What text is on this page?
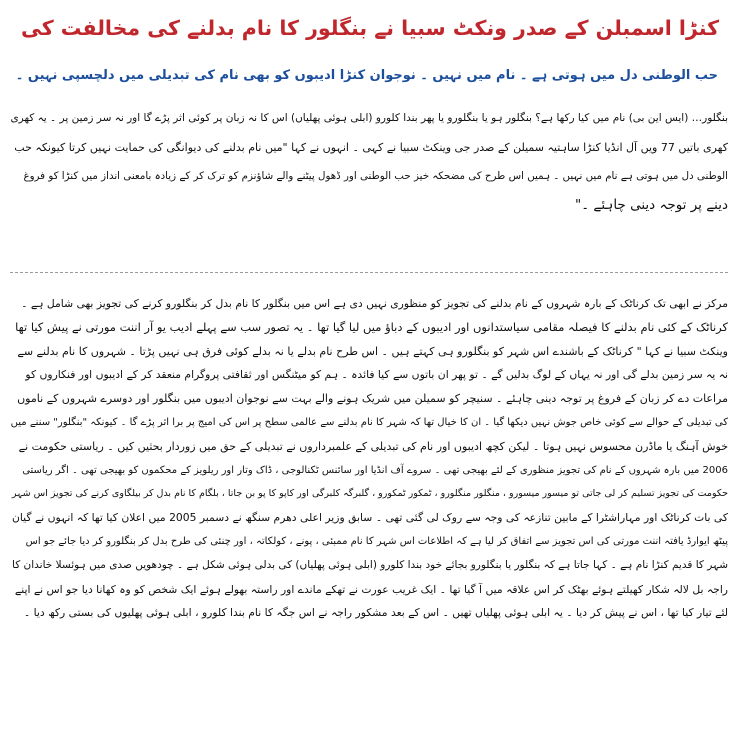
کنڑا اسمبلن کے صدر ونکٹ سبیا نے بنگلور کا نام بدلنے کی مخالفت کی
حب الوطنی دل میں ہوتی ہے ۔ نام میں نہیں ۔ نوجوان کنڑا ادیبوں کو بھی نام کی تبدیلی میں دلچسپی نہیں ۔
بنگلور… (ایس این بی) نام میں کیا رکھا ہے؟ بنگلور ہو یا بنگلورو یا پھر بندا کلورو (ابلی ہوئی پھلیاں) اس کا نہ زبان پر کوئی اثر پڑے گا اور نہ سر زمین پر ۔ یہ کھری
کھری باتیں 77 ویں آل انڈیا کنڑا ساہتیہ سمیلن کے صدر جی وینکٹ سبیا نے کہی ۔ انہوں نے کہا "میں نام بدلنے کی دیوانگی کی حمایت نہیں کرتا کیونکہ حب
الوطنی دل میں ہوتی ہے نام میں نہیں ۔ ہمیں اس طرح کی مضحکہ خیز حب الوطنی اور ڈھول پیٹنے والے شاؤنزم کو ترک کر کے زیادہ بامعنی انداز میں کنڑا کو فروغ
دینے پر توجہ دینی چاہئے ۔"
مرکز نے ابھی تک کرناٹک کے بارہ شہروں کے نام بدلنے کی تجویز کو منظوری نہیں دی ہے اس میں بنگلور کا نام بدل کر بنگلورو کرنے کی تجویز بھی شامل ہے ۔
کرناٹک کے کئی نام بدلنے کا فیصلہ مقامی سیاستدانوں اور ادیبوں کے دباؤ میں لیا گیا تھا ۔ یہ تصور سب سے پہلے ادیب یو آر اننت مورتی نے پیش کیا تھا
وینکٹ سبیا نے کہا " کرناٹک کے باشندے اس شہر کو بنگلورو ہی کہتے ہیں ۔ اس طرح نام بدلے یا نہ بدلے کوئی فرق ہی نہیں پڑتا ۔ شہروں کا نام بدلنے سے
نہ یہ سر زمین بدلے گی اور نہ یہاں کے لوگ بدلیں گے ۔ تو پھر ان باتوں سے کیا فائدہ ۔ ہم کو میٹنگس اور ثقافتی پروگرام منعقد کر کے ادیبوں اور فنکاروں کو
مراعات دے کر زبان کے فروغ پر توجہ دینی چاہئے ۔ سنیچر کو سمیلن میں شریک ہونے والے بہت سے نوجوان ادیبوں میں بنگلور اور دوسرے شہروں کے ناموں
کی تبدیلی کے حوالے سے کوئی خاص جوش نہیں دیکھا گیا ۔ ان کا خیال تھا کہ شہر کا نام بدلنے سے عالمی سطح پر اس کی امیج پر برا اثر پڑے گا ۔ کیونکہ "بنگلور" سننے میں
خوش آہنگ یا ماڈرن محسوس نہیں ہوتا ۔ لیکن کچھ ادیبوں اور نام کی تبدیلی کے علمبرداروں نے تبدیلی کے حق میں زوردار بحثیں کیں ۔ ریاستی حکومت نے
2006 میں بارہ شہروں کے نام کی تجویز منظوری کے لئے بھیجی تھی ۔ سروے آف انڈیا اور سائنس ٹکنالوجی ، ڈاک وتار اور ریلویز کے محکموں کو بھیجی تھی ۔ اگر ریاستی
حکومت کی تجویز تسلیم کر لی جاتی تو میسور میسورو ، منگلور منگلورو ، ٹمکور ٹمکورو ، گلبرگہ کلبرگی اور کاپو کا پو بن جاتا ، بلگام کا نام بدل کر بیلگاوی کرنے کی تجویز اس شہر
کی بات کرناٹک اور مہاراشٹرا کے مابین تنازعہ کی وجہ سے روک لی گئی تھی ۔ سابق وزیر اعلی دھرم سنگھ نے دسمبر 2005 میں اعلان کیا تھا کہ انہوں نے گیان
پیٹھ ایوارڈ یافتہ اننت مورتی کی اس تجویز سے اتفاق کر لیا ہے کہ اطلاعات اس شہر کا نام ممبئی ، پونے ، کولکاتہ ، اور چنئی کی طرح بدل کر بنگلورو کر دیا جائے جو اس
شہر کا قدیم کنڑا نام ہے ۔ کہا جاتا ہے کہ بنگلور یا بنگلورو بجائے خود بندا کلورو (ابلی ہوئی پھلیاں) کی بدلی ہوئی شکل ہے ۔ چودھویں صدی میں ہوئسلا خاندان کا
راجہ بل لالہ شکار کھیلتے ہوئے بھٹک کر اس علاقہ میں آ گیا تھا ۔ ایک غریب عورت نے تھکے ماندے اور راستہ بھولے ہوئے ایک شخص کو وہ کھانا دیا جو اس نے اپنے
لئے تیار کیا تھا ، اس نے پیش کر دیا ۔ یہ ابلی ہوئی پھلیاں تھیں ۔ اس کے بعد مشکور راجہ نے اس جگہ کا نام بندا کلورو ، ابلی ہوئی پھلیوں کی بستی رکھ دیا ۔
